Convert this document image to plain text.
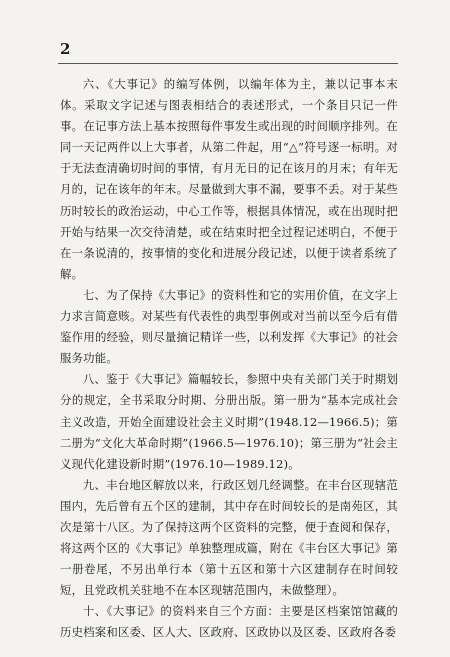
2

六、《大事记》的编写体例，以编年体为主，兼以记事本末体。采取文字记述与图表相结合的表述形式，一个条目只记一件事。在记事方法上基本按照每件事发生或出现的时间顺序排列。在同一天记两件以上大事者，从第二件起，用“△”符号逐一标明。对于无法查清确切时间的事情，有月无日的记在该月的月末；有年无月的，记在该年的年末。尽量做到大事不漏，要事不丢。对于某些历时较长的政治运动，中心工作等，根据具体情况，或在出现时把开始与结果一次交待清楚，或在结束时把全过程记述明白，不便于在一条说清的，按事情的变化和进展分段记述，以便于读者系统了解。

七、为了保持《大事记》的资料性和它的实用价值，在文字上力求言简意赅。对某些有代表性的典型事例或对当前以至今后有借鉴作用的经验，则尽量摘记精详一些，以利发挥《大事记》的社会服务功能。

八、鉴于《大事记》篇幅较长，参照中央有关部门关于时期划分的规定，全书采取分时期、分册出版。第一册为“基本完成社会主义改造，开始全面建设社会主义时期”(1948.12—1966.5)；第二册为“文化大革命时期”(1966.5—1976.10)；第三册为“社会主义现代化建设新时期”(1976.10—1989.12)。

九、丰台地区解放以来，行政区划几经调整。在丰台区现辖范围内，先后曾有五个区的建制，其中存在时间较长的是南苑区，其次是第十八区。为了保持这两个区资料的完整，便于查阅和保存，将这两个区的《大事记》单独整理成篇，附在《丰台区大事记》第一册卷尾，不另出单行本（第十五区和第十六区建制存在时间较短，且党政机关驻地不在本区现辖范围内，未做整理）。

十、《大事记》的资料来自三个方面：主要是区档案馆馆藏的历史档案和区委、区人大、区政府、区政协以及区委、区政府各委
